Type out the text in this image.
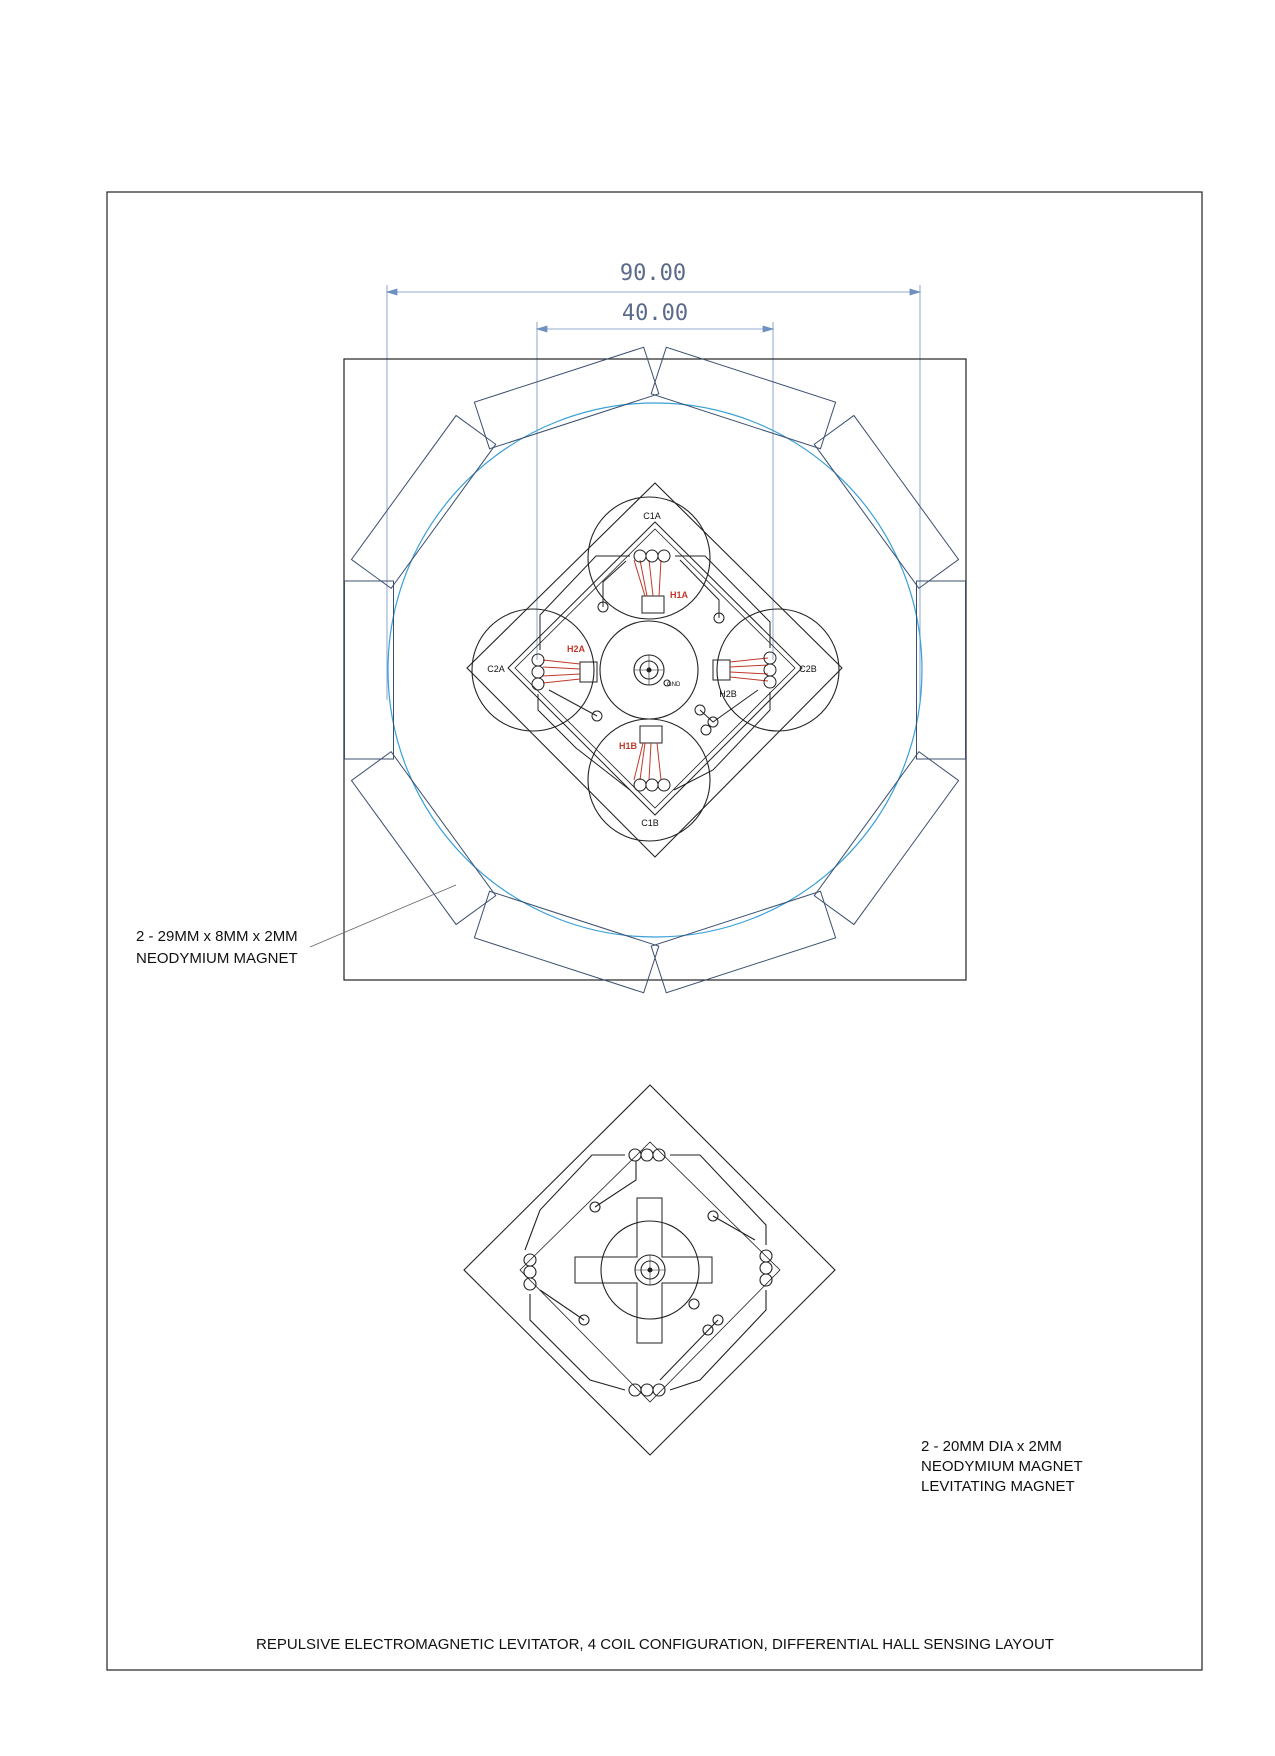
90.00
40.00
GND
C1A
C1B
C2A	C2B
H1A
H1B
H2A
H2B
2 - 29MM x 8MM x 2MM
NEODYMIUM MAGNET
2 - 20MM DIA x 2MM
NEODYMIUM MAGNET
LEVITATING MAGNET
REPULSIVE ELECTROMAGNETIC LEVITATOR, 4 COIL CONFIGURATION, DIFFERENTIAL HALL SENSING LAYOUT
